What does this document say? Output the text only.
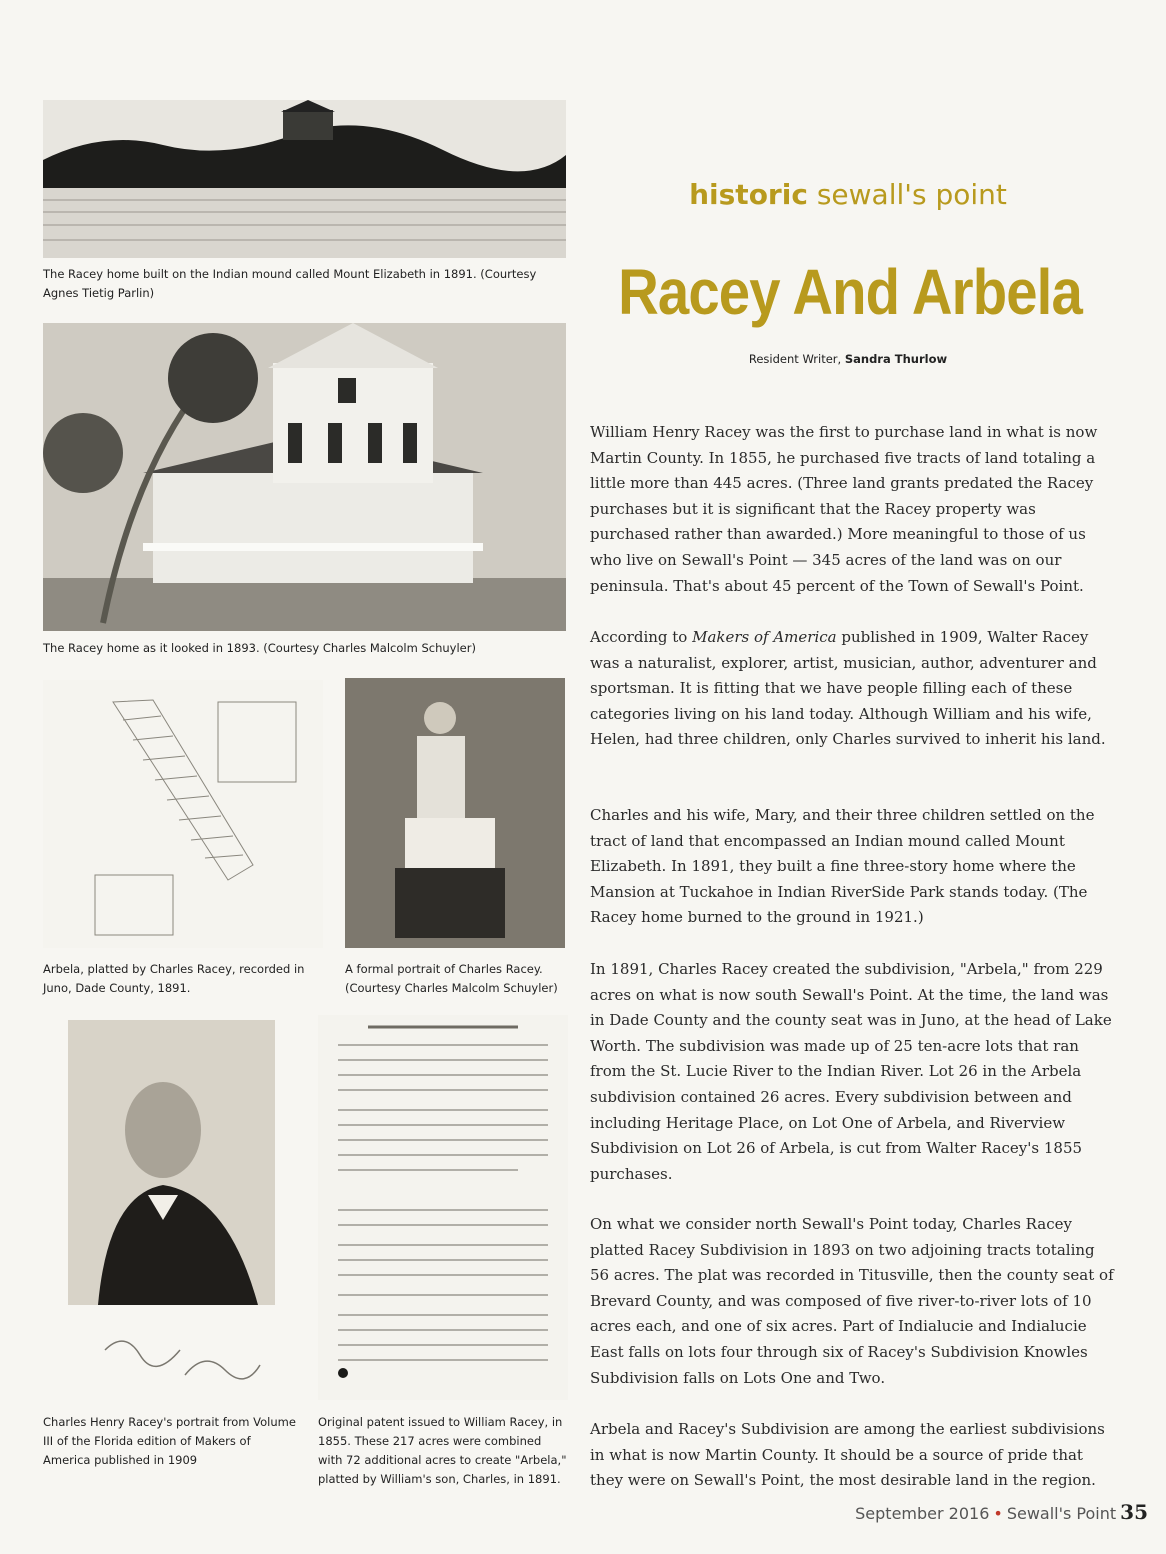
The Racey home built on the Indian mound called Mount Elizabeth in 1891. (Courtesy Agnes Tietig Parlin)
The Racey home as it looked in 1893. (Courtesy Charles Malcolm Schuyler)
Arbela, platted by Charles Racey, recorded in Juno, Dade County, 1891.
A formal portrait of Charles Racey. (Courtesy Charles Malcolm Schuyler)
Charles Henry Racey's portrait from Volume III of the Florida edition of Makers of America published in 1909
Original patent issued to William Racey, in 1855. These 217 acres were combined with 72 additional acres to create "Arbela," platted by William's son, Charles, in 1891.
historic sewall's point
Racey And Arbela
Resident Writer, Sandra Thurlow

William Henry Racey was the first to purchase land in what is now Martin County. In 1855, he purchased five tracts of land totaling a little more than 445 acres. (Three land grants predated the Racey purchases but it is significant that the Racey property was purchased rather than awarded.) More meaningful to those of us who live on Sewall's Point — 345 acres of the land was on our peninsula. That's about 45 percent of the Town of Sewall's Point.

According to Makers of America published in 1909, Walter Racey was a naturalist, explorer, artist, musician, author, adventurer and sportsman. It is fitting that we have people filling each of these categories living on his land today. Although William and his wife, Helen, had three children, only Charles survived to inherit his land.

Charles and his wife, Mary, and their three children settled on the tract of land that encompassed an Indian mound called Mount Elizabeth. In 1891, they built a fine three-story home where the Mansion at Tuckahoe in Indian RiverSide Park stands today. (The Racey home burned to the ground in 1921.)

In 1891, Charles Racey created the subdivision, "Arbela," from 229 acres on what is now south Sewall's Point. At the time, the land was in Dade County and the county seat was in Juno, at the head of Lake Worth. The subdivision was made up of 25 ten-acre lots that ran from the St. Lucie River to the Indian River. Lot 26 in the Arbela subdivision contained 26 acres. Every subdivision between and including Heritage Place, on Lot One of Arbela, and Riverview Subdivision on Lot 26 of Arbela, is cut from Walter Racey's 1855 purchases.

On what we consider north Sewall's Point today, Charles Racey platted Racey Subdivision in 1893 on two adjoining tracts totaling 56 acres. The plat was recorded in Titusville, then the county seat of Brevard County, and was composed of five river-to-river lots of 10 acres each, and one of six acres. Part of Indialucie and Indialucie East falls on lots four through six of Racey's Subdivision Knowles Subdivision falls on Lots One and Two.

Arbela and Racey's Subdivision are among the earliest subdivisions in what is now Martin County. It should be a source of pride that they were on Sewall's Point, the most desirable land in the region.

September 2016 • Sewall's Point 35
